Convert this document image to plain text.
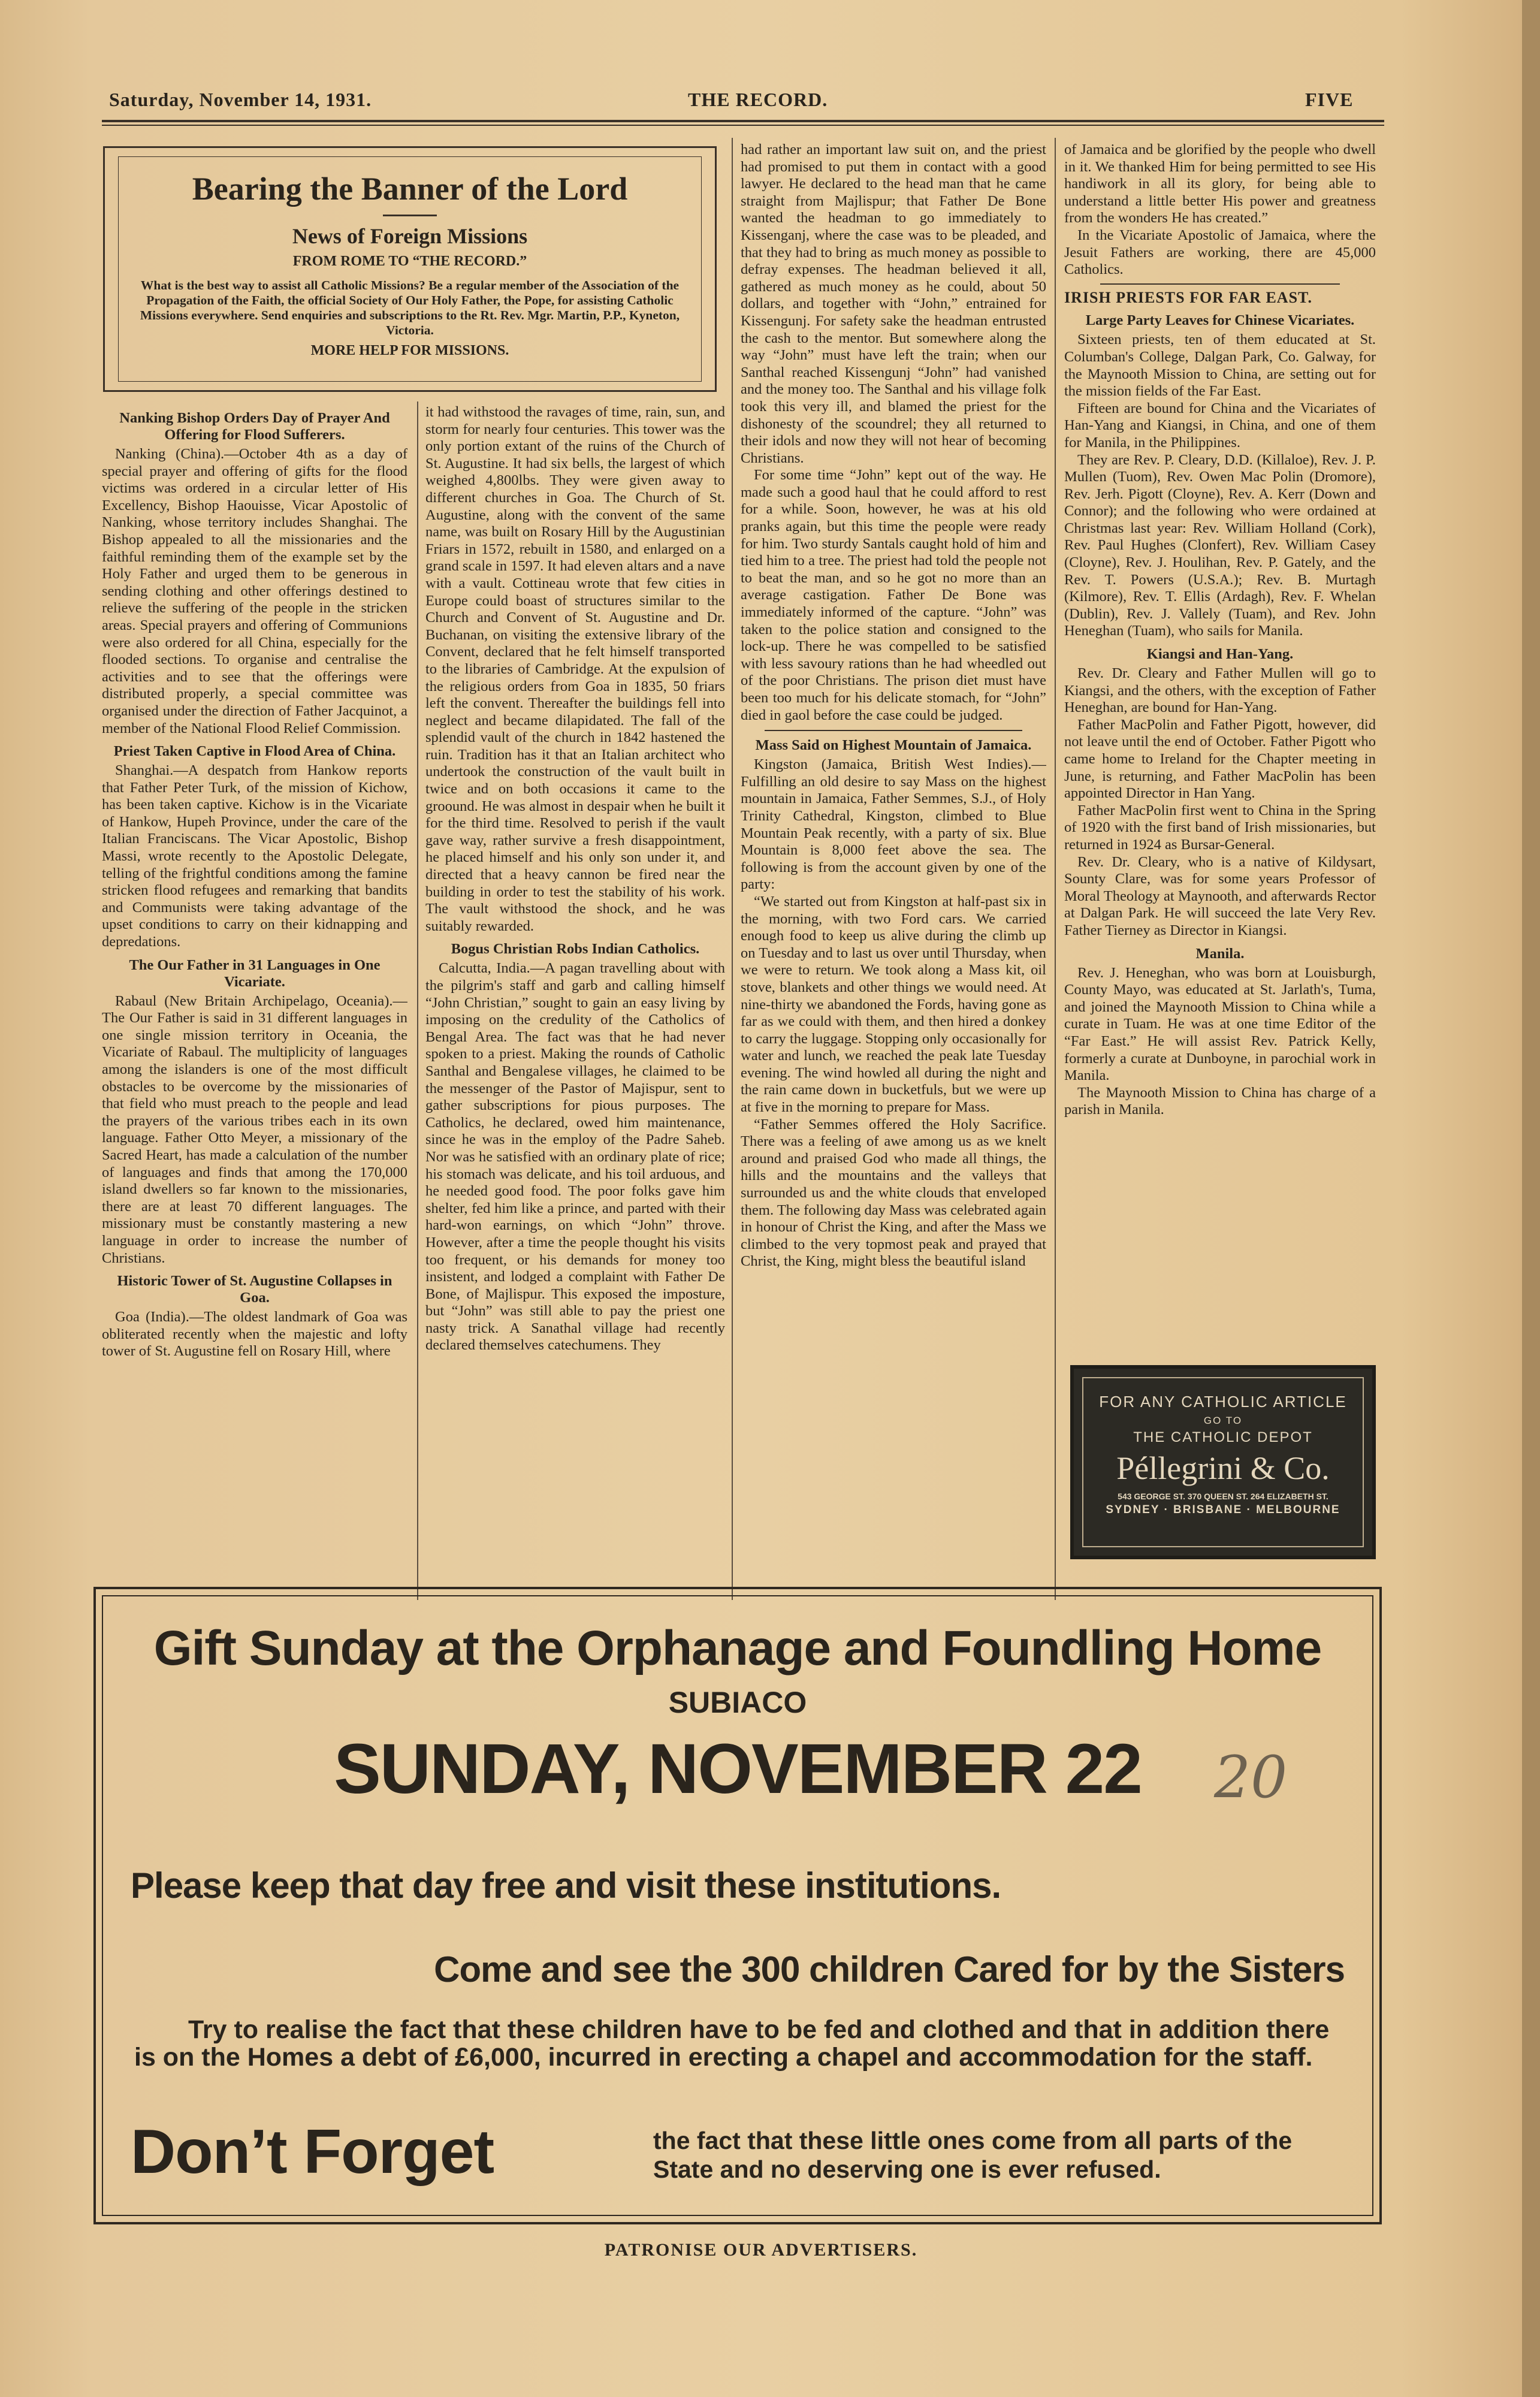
Saturday, November 14, 1931.	THE RECORD.	FIVE
Bearing the Banner of the Lord
News of Foreign Missions
FROM ROME TO “THE RECORD.”
What is the best way to assist all Catholic Missions? Be a regular member of the Association of the Propagation of the Faith, the official Society of Our Holy Father, the Pope, for assisting Catholic Missions everywhere. Send enquiries and subscriptions to the Rt. Rev. Mgr. Martin, P.P., Kyneton, Victoria.
MORE HELP FOR MISSIONS.
Nanking Bishop Orders Day of Prayer And Offering for Flood Sufferers.

Nanking (China).—October 4th as a day of special prayer and offering of gifts for the flood victims was ordered in a circular letter of His Excellency, Bishop Haouisse, Vicar Apostolic of Nanking, whose territory includes Shanghai. The Bishop appealed to all the missionaries and the faithful reminding them of the example set by the Holy Father and urged them to be generous in sending clothing and other offerings destined to relieve the suffering of the people in the stricken areas. Special prayers and offering of Communions were also ordered for all China, especially for the flooded sections. To organise and centralise the activities and to see that the offerings were distributed properly, a special committee was organised under the direction of Father Jacquinot, a member of the National Flood Relief Commission.

Priest Taken Captive in Flood Area of China.

Shanghai.—A despatch from Hankow reports that Father Peter Turk, of the mission of Kichow, has been taken captive. Kichow is in the Vicariate of Hankow, Hupeh Province, under the care of the Italian Franciscans. The Vicar Apostolic, Bishop Massi, wrote recently to the Apostolic Delegate, telling of the frightful conditions among the famine stricken flood refugees and remarking that bandits and Communists were taking advantage of the upset conditions to carry on their kidnapping and depredations.

The Our Father in 31 Languages in One Vicariate.

Rabaul (New Britain Archipelago, Oceania).—The Our Father is said in 31 different languages in one single mission territory in Oceania, the Vicariate of Rabaul. The multiplicity of languages among the islanders is one of the most difficult obstacles to be overcome by the missionaries of that field who must preach to the people and lead the prayers of the various tribes each in its own language. Father Otto Meyer, a missionary of the Sacred Heart, has made a calculation of the number of languages and finds that among the 170,000 island dwellers so far known to the missionaries, there are at least 70 different languages. The missionary must be constantly mastering a new language in order to increase the number of Christians.

Historic Tower of St. Augustine Collapses in Goa.

Goa (India).—The oldest landmark of Goa was obliterated recently when the majestic and lofty tower of St. Augustine fell on Rosary Hill, where

it had withstood the ravages of time, rain, sun, and storm for nearly four centuries. This tower was the only portion extant of the ruins of the Church of St. Augustine. It had six bells, the largest of which weighed 4,800lbs. They were given away to different churches in Goa. The Church of St. Augustine, along with the convent of the same name, was built on Rosary Hill by the Augustinian Friars in 1572, rebuilt in 1580, and enlarged on a grand scale in 1597. It had eleven altars and a nave with a vault. Cottineau wrote that few cities in Europe could boast of structures similar to the Church and Convent of St. Augustine and Dr. Buchanan, on visiting the extensive library of the Convent, declared that he felt himself transported to the libraries of Cambridge. At the expulsion of the religious orders from Goa in 1835, 50 friars left the convent. Thereafter the buildings fell into neglect and became dilapidated. The fall of the splendid vault of the church in 1842 hastened the ruin. Tradition has it that an Italian architect who undertook the construction of the vault built in twice and on both occasions it came to the groound. He was almost in despair when he built it for the third time. Resolved to perish if the vault gave way, rather survive a fresh disappointment, he placed himself and his only son under it, and directed that a heavy cannon be fired near the building in order to test the stability of his work. The vault withstood the shock, and he was suitably rewarded.

Bogus Christian Robs Indian Catholics.

Calcutta, India.—A pagan travelling about with the pilgrim's staff and garb and calling himself “John Christian,” sought to gain an easy living by imposing on the credulity of the Catholics of Bengal Area. The fact was that he had never spoken to a priest. Making the rounds of Catholic Santhal and Bengalese villages, he claimed to be the messenger of the Pastor of Majispur, sent to gather subscriptions for pious purposes. The Catholics, he declared, owed him maintenance, since he was in the employ of the Padre Saheb. Nor was he satisfied with an ordinary plate of rice; his stomach was delicate, and his toil arduous, and he needed good food. The poor folks gave him shelter, fed him like a prince, and parted with their hard-won earnings, on which “John” throve. However, after a time the people thought his visits too frequent, or his demands for money too insistent, and lodged a complaint with Father De Bone, of Majlispur. This exposed the imposture, but “John” was still able to pay the priest one nasty trick. A Sanathal village had recently declared themselves catechumens. They

had rather an important law suit on, and the priest had promised to put them in contact with a good lawyer. He declared to the head man that he came straight from Majlispur; that Father De Bone wanted the headman to go immediately to Kissenganj, where the case was to be pleaded, and that they had to bring as much money as possible to defray expenses. The headman believed it all, gathered as much money as he could, about 50 dollars, and together with “John,” entrained for Kissengunj. For safety sake the headman entrusted the cash to the mentor. But somewhere along the way “John” must have left the train; when our Santhal reached Kissengunj “John” had vanished and the money too. The Santhal and his village folk took this very ill, and blamed the priest for the dishonesty of the scoundrel; they all returned to their idols and now they will not hear of becoming Christians.

For some time “John” kept out of the way. He made such a good haul that he could afford to rest for a while. Soon, however, he was at his old pranks again, but this time the people were ready for him. Two sturdy Santals caught hold of him and tied him to a tree. The priest had told the people not to beat the man, and so he got no more than an average castigation. Father De Bone was immediately informed of the capture. “John” was taken to the police station and consigned to the lock-up. There he was compelled to be satisfied with less savoury rations than he had wheedled out of the poor Christians. The prison diet must have been too much for his delicate stomach, for “John” died in gaol before the case could be judged.

Mass Said on Highest Mountain of Jamaica.

Kingston (Jamaica, British West Indies).—Fulfilling an old desire to say Mass on the highest mountain in Jamaica, Father Semmes, S.J., of Holy Trinity Cathedral, Kingston, climbed to Blue Mountain Peak recently, with a party of six. Blue Mountain is 8,000 feet above the sea. The following is from the account given by one of the party:

“We started out from Kingston at half-past six in the morning, with two Ford cars. We carried enough food to keep us alive during the climb up on Tuesday and to last us over until Thursday, when we were to return. We took along a Mass kit, oil stove, blankets and other things we would need. At nine-thirty we abandoned the Fords, having gone as far as we could with them, and then hired a donkey to carry the luggage. Stopping only occasionally for water and lunch, we reached the peak late Tuesday evening. The wind howled all during the night and the rain came down in bucketfuls, but we were up at five in the morning to prepare for Mass.

“Father Semmes offered the Holy Sacrifice. There was a feeling of awe among us as we knelt around and praised God who made all things, the hills and the mountains and the valleys that surrounded us and the white clouds that enveloped them. The following day Mass was celebrated again in honour of Christ the King, and after the Mass we climbed to the very topmost peak and prayed that Christ, the King, might bless the beautiful island

of Jamaica and be glorified by the people who dwell in it. We thanked Him for being permitted to see His handiwork in all its glory, for being able to understand a little better His power and greatness from the wonders He has created.”

In the Vicariate Apostolic of Jamaica, where the Jesuit Fathers are working, there are 45,000 Catholics.

IRISH PRIESTS FOR FAR EAST.
Large Party Leaves for Chinese Vicariates.

Sixteen priests, ten of them educated at St. Columban's College, Dalgan Park, Co. Galway, for the Maynooth Mission to China, are setting out for the mission fields of the Far East.

Fifteen are bound for China and the Vicariates of Han-Yang and Kiangsi, in China, and one of them for Manila, in the Philippines.

They are Rev. P. Cleary, D.D. (Killaloe), Rev. J. P. Mullen (Tuom), Rev. Owen Mac Polin (Dromore), Rev. Jerh. Pigott (Cloyne), Rev. A. Kerr (Down and Connor); and the following who were ordained at Christmas last year: Rev. William Holland (Cork), Rev. Paul Hughes (Clonfert), Rev. William Casey (Cloyne), Rev. J. Houlihan, Rev. P. Gately, and the Rev. T. Powers (U.S.A.); Rev. B. Murtagh (Kilmore), Rev. T. Ellis (Ardagh), Rev. F. Whelan (Dublin), Rev. J. Vallely (Tuam), and Rev. John Heneghan (Tuam), who sails for Manila.

Kiangsi and Han-Yang.

Rev. Dr. Cleary and Father Mullen will go to Kiangsi, and the others, with the exception of Father Heneghan, are bound for Han-Yang.

Father MacPolin and Father Pigott, however, did not leave until the end of October. Father Pigott who came home to Ireland for the Chapter meeting in June, is returning, and Father MacPolin has been appointed Director in Han Yang.

Father MacPolin first went to China in the Spring of 1920 with the first band of Irish missionaries, but returned in 1924 as Bursar-General.

Rev. Dr. Cleary, who is a native of Kildysart, Sounty Clare, was for some years Professor of Moral Theology at Maynooth, and afterwards Rector at Dalgan Park. He will succeed the late Very Rev. Father Tierney as Director in Kiangsi.

Manila.

Rev. J. Heneghan, who was born at Louisburgh, County Mayo, was educated at St. Jarlath's, Tuma, and joined the Maynooth Mission to China while a curate in Tuam. He was at one time Editor of the “Far East.” He will assist Rev. Patrick Kelly, formerly a curate at Dunboyne, in parochial work in Manila.

The Maynooth Mission to China has charge of a parish in Manila.

FOR ANY CATHOLIC ARTICLE
GO TO
THE CATHOLIC DEPOT
Péllegrini & Co.
543 GEORGE ST. 370 QUEEN ST. 264 ELIZABETH ST.
SYDNEY · BRISBANE · MELBOURNE
Gift Sunday at the Orphanage and Foundling Home
SUBIACO
SUNDAY, NOVEMBER 22	20
Please keep that day free and visit these institutions.
Come and see the 300 children Cared for by the Sisters
Try to realise the fact that these children have to be fed and clothed and that in addition there is on the Homes a debt of £6,000, incurred in erecting a chapel and accommodation for the staff.
Don’t Forget	the fact that these little ones come from all parts of the State and no deserving one is ever refused.
PATRONISE OUR ADVERTISERS.
